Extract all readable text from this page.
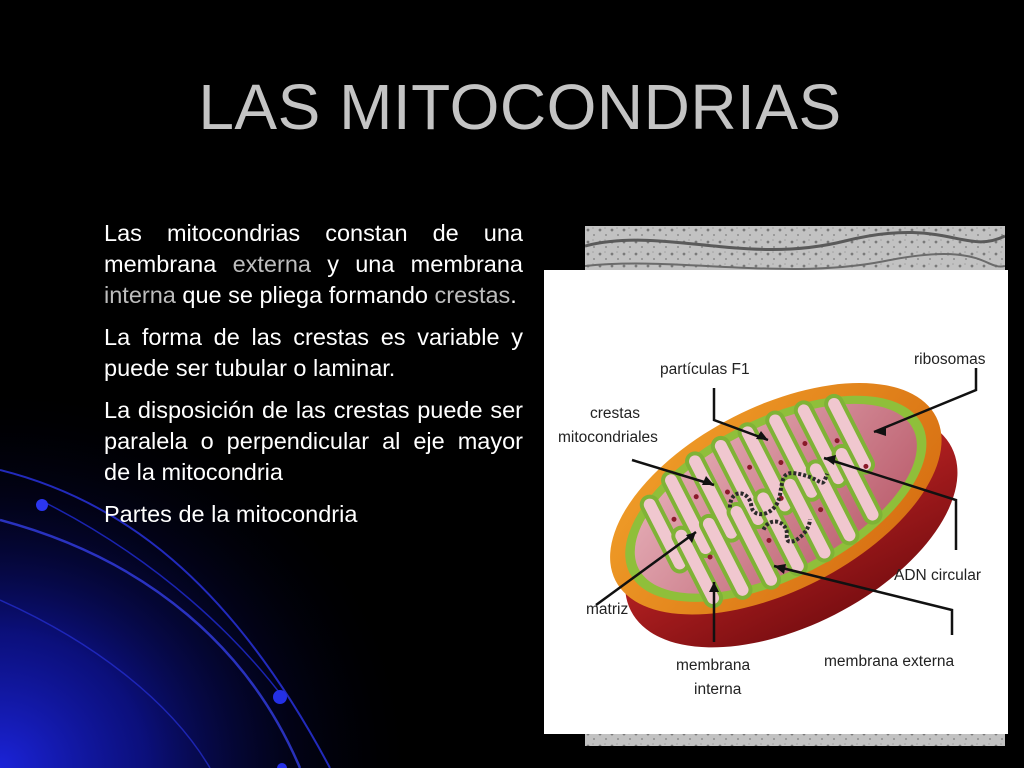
LAS MITOCONDRIAS

Las mitocondrias constan de una membrana externa y una membrana interna que se pliega formando crestas.

La forma de las crestas es variable y puede ser tubular o laminar.

La disposición de las crestas puede ser paralela o perpendicular al eje mayor de la mitocondria

Partes de la mitocondria

partículas F1
ribosomas
crestas
mitocondriales
ADN circular
matriz
membrana
interna
membrana externa
